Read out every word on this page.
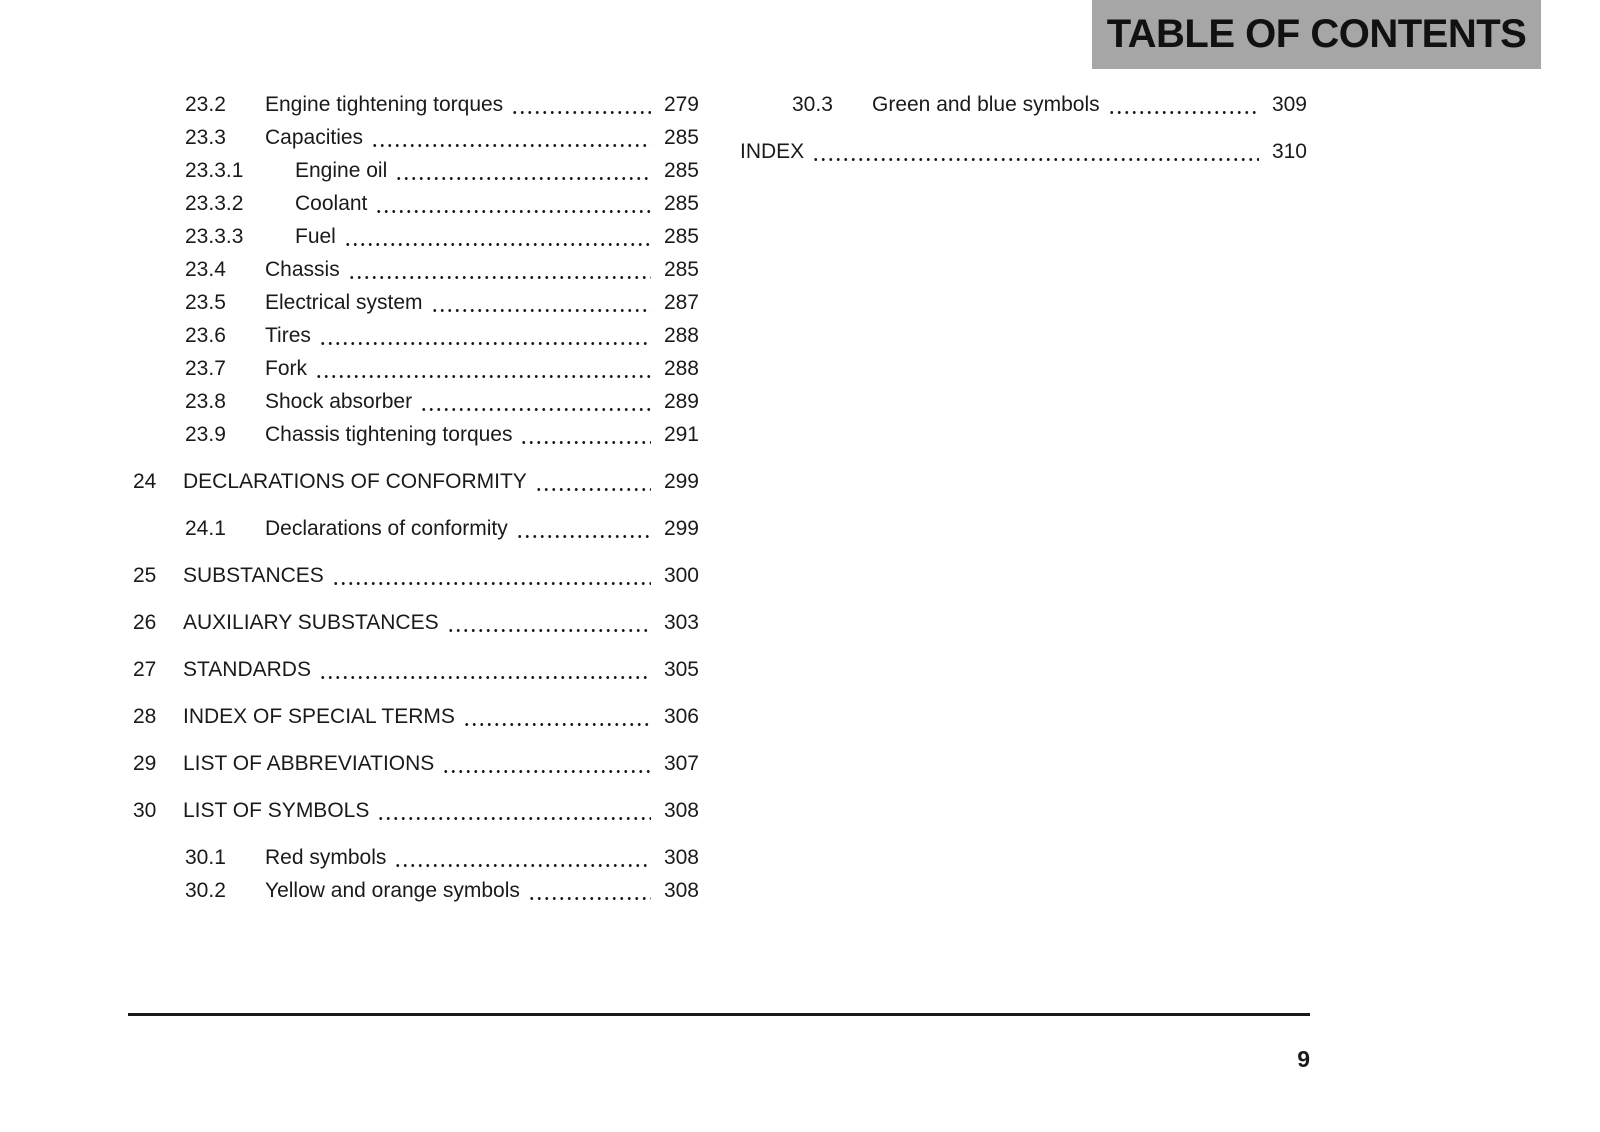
TABLE OF CONTENTS
23.2	Engine tightening torques	279
23.3	Capacities	285
23.3.1	Engine oil	285
23.3.2	Coolant	285
23.3.3	Fuel	285
23.4	Chassis	285
23.5	Electrical system	287
23.6	Tires	288
23.7	Fork	288
23.8	Shock absorber	289
23.9	Chassis tightening torques	291
24	DECLARATIONS OF CONFORMITY	299
24.1	Declarations of conformity	299
25	SUBSTANCES	300
26	AUXILIARY SUBSTANCES	303
27	STANDARDS	305
28	INDEX OF SPECIAL TERMS	306
29	LIST OF ABBREVIATIONS	307
30	LIST OF SYMBOLS	308
30.1	Red symbols	308
30.2	Yellow and orange symbols	308
30.3	Green and blue symbols	309
INDEX	310
9
